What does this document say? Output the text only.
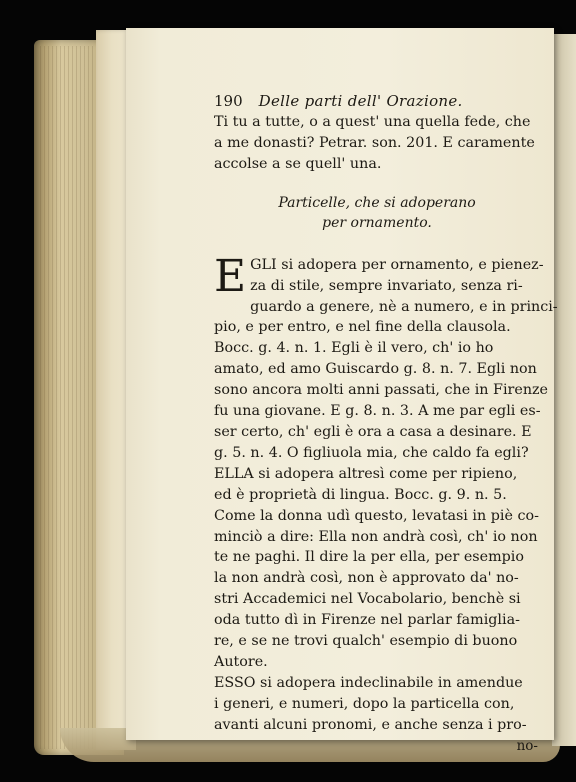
190 Delle parti dell' Orazione.
Ti tu a tutte, o a quest' una quella fede, che
a me donasti? Petrar. son. 201. E caramente
accolse a se quell' una.
Particelle, che si adoperano
per ornamento.
E GLI si adopera per ornamento, e pienez-
za di stile, sempre invariato, senza ri-
guardo a genere, nè a numero, e in princi-
pio, e per entro, e nel fine della clausola.
Bocc. g. 4. n. 1. Egli è il vero, ch' io ho
amato, ed amo Guiscardo g. 8. n. 7. Egli non
sono ancora molti anni passati, che in Firenze
fu una giovane. E g. 8. n. 3. A me par egli es-
ser certo, ch' egli è ora a casa a desinare. E
g. 5. n. 4. O figliuola mia, che caldo fa egli?
ELLA si adopera altresì come per ripieno,
ed è proprietà di lingua. Bocc. g. 9. n. 5.
Come la donna udì questo, levatasi in piè co-
minciò a dire: Ella non andrà così, ch' io non
te ne paghi. Il dire la per ella, per esempio
la non andrà così, non è approvato da' no-
stri Accademici nel Vocabolario, benchè si
oda tutto dì in Firenze nel parlar famiglia-
re, e se ne trovi qualch' esempio di buono
Autore.
ESSO si adopera indeclinabile in amendue
i generi, e numeri, dopo la particella con,
avanti alcuni pronomi, e anche senza i pro-
no-
